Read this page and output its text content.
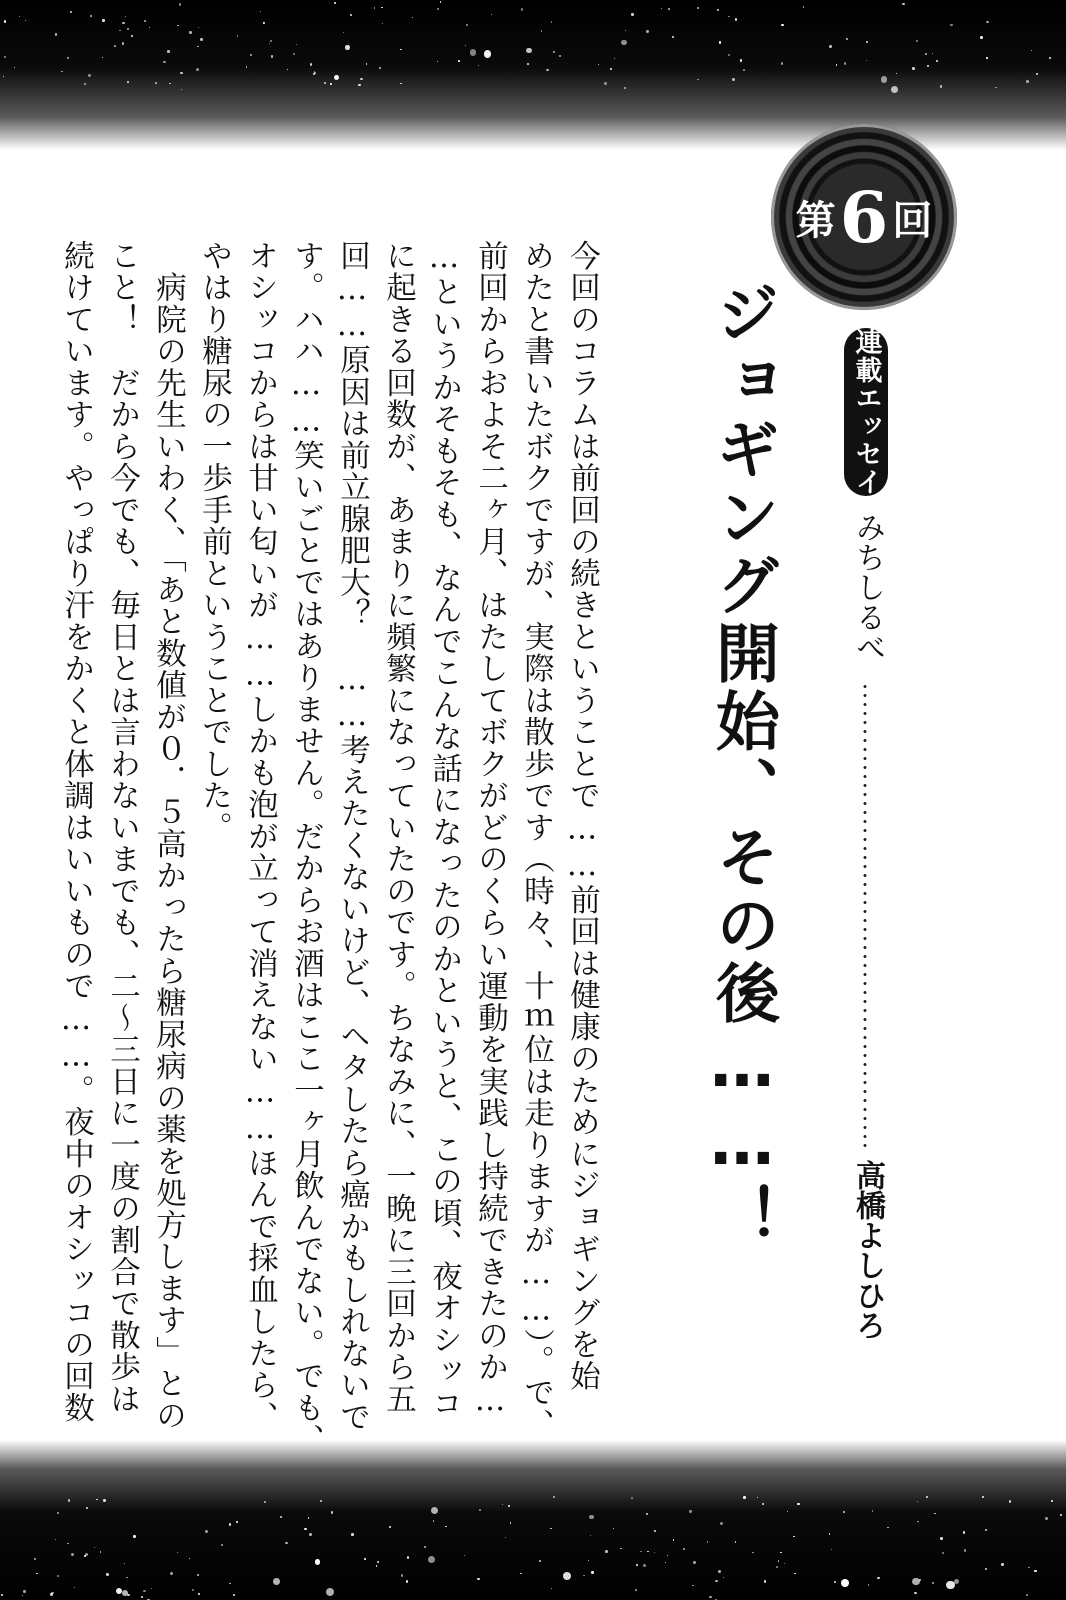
第 6 回
連載エッセイ
ジョギング開始、その後……！	みちしるべ
高橋よしひろ
今回のコラムは前回の続きということで……前回は健康のためにジョギングを始
めたと書いたボクですが、実際は散歩です（時々、十ｍ位は走りますが……）。で、
前回からおよそ二ヶ月、はたしてボクがどのくらい運動を実践し持続できたのか…
…というかそもそも、なんでこんな話になったのかというと、この頃、夜オシッコ
に起きる回数が、あまりに頻繁になっていたのです。ちなみに、一晩に三回から五
回……原因は前立腺肥大？　……考えたくないけど、ヘタしたら癌かもしれないで
す。ハハ……笑いごとではありません。だからお酒はここ一ヶ月飲んでない。でも、
オシッコからは甘い匂いが……しかも泡が立って消えない……ほんで採血したら、
やはり糖尿の一歩手前ということでした。
　病院の先生いわく、「あと数値が０．５高かったら糖尿病の薬を処方します」との
こと！　だから今でも、毎日とは言わないまでも、二～三日に一度の割合で散歩は
続けています。やっぱり汗をかくと体調はいいもので……。夜中のオシッコの回数
